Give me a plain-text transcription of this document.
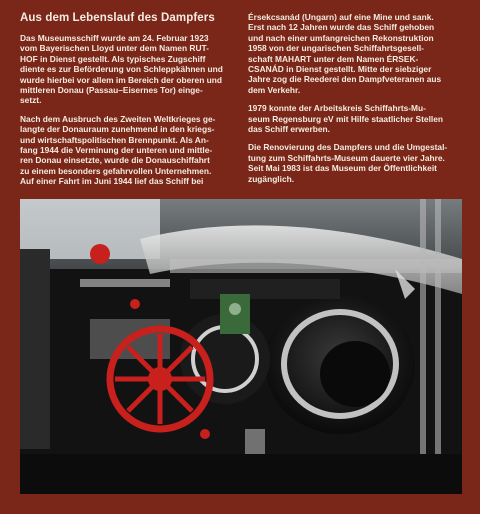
Aus dem Lebenslauf des Dampfers

Das Museumsschiff wurde am 24. Februar 1923
vom Bayerischen Lloyd unter dem Namen RUT-
HOF in Dienst gestellt. Als typisches Zugschiff
diente es zur Beförderung von Schleppkähnen und
wurde hierbei vor allem im Bereich der oberen und
mittleren Donau (Passau–Eisernes Tor) einge-
setzt.

Nach dem Ausbruch des Zweiten Weltkrieges ge-
langte der Donauraum zunehmend in den kriegs-
und wirtschaftspolitischen Brennpunkt. Als An-
fang 1944 die Verminung der unteren und mittle-
ren Donau einsetzte, wurde die Donauschiffahrt
zu einem besonders gefahrvollen Unternehmen.
Auf einer Fahrt im Juni 1944 lief das Schiff bei

Érsekcsanád (Ungarn) auf eine Mine und sank.
Erst nach 12 Jahren wurde das Schiff gehoben
und nach einer umfangreichen Rekonstruktion
1958 von der ungarischen Schiffahrtsgesell-
schaft MAHART unter dem Namen ÉRSEK-
CSANÁD in Dienst gestellt. Mitte der siebziger
Jahre zog die Reederei den Dampfveteranen aus
dem Verkehr.

1979 konnte der Arbeitskreis Schiffahrts-Mu-
seum Regensburg eV mit Hilfe staatlicher Stellen
das Schiff erwerben.

Die Renovierung des Dampfers und die Umgestal-
tung zum Schiffahrts-Museum dauerte vier Jahre.
Seit Mai 1983 ist das Museum der Öffentlichkeit
zugänglich.
